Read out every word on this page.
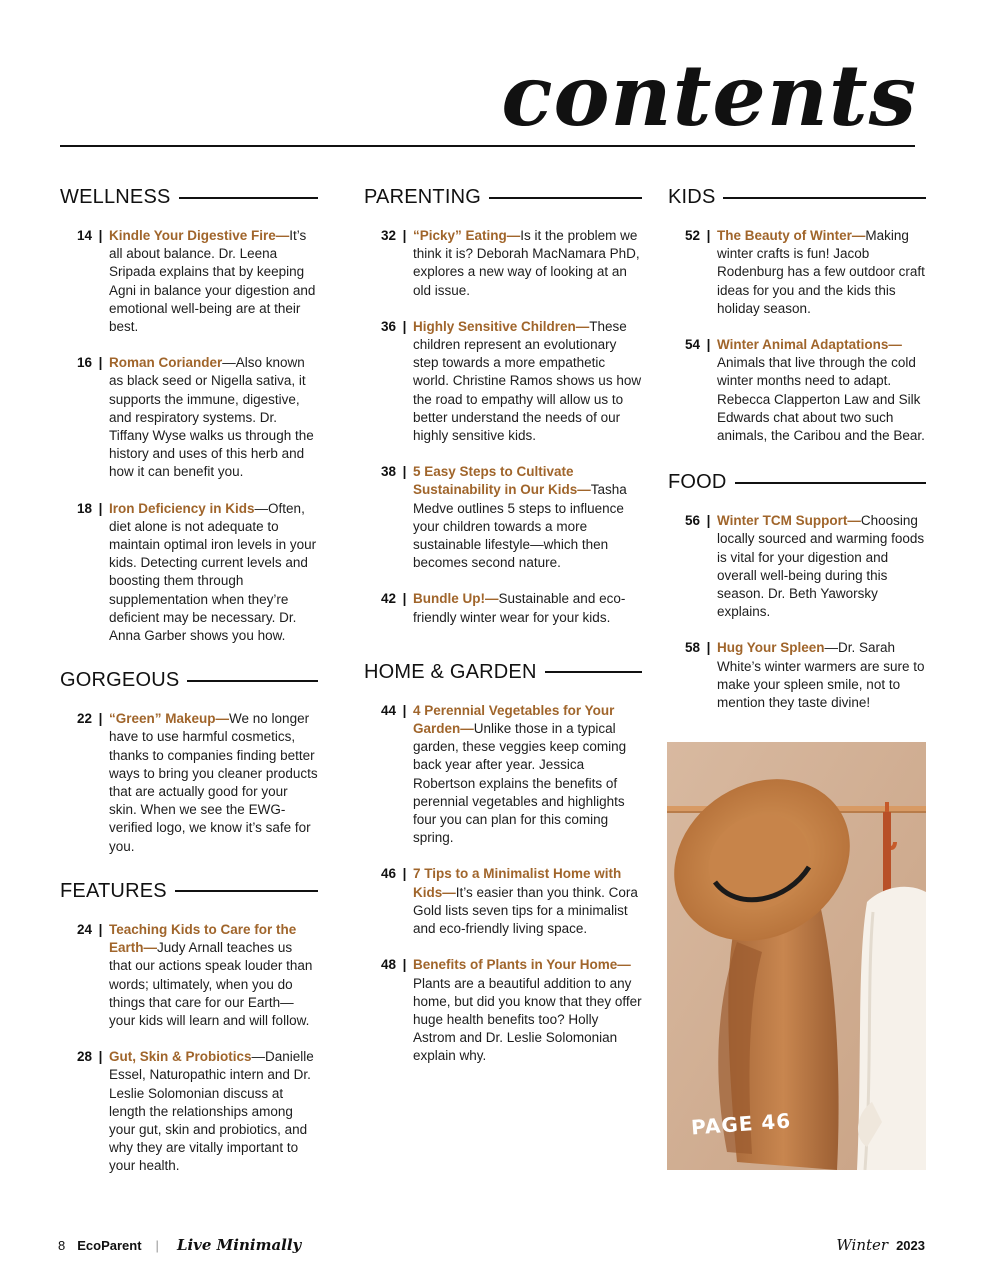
contents
WELLNESS
14 | Kindle Your Digestive Fire—It’s all about balance. Dr. Leena Sripada explains that by keeping Agni in balance your digestion and emotional well-being are at their best.
16 | Roman Coriander—Also known as black seed or Nigella sativa, it supports the immune, digestive, and respiratory systems. Dr. Tiffany Wyse walks us through the history and uses of this herb and how it can benefit you.
18 | Iron Deficiency in Kids—Often, diet alone is not adequate to maintain optimal iron levels in your kids. Detecting current levels and boosting them through supplementation when they’re deficient may be necessary. Dr. Anna Garber shows you how.
GORGEOUS
22 | “Green” Makeup—We no longer have to use harmful cosmetics, thanks to companies finding better ways to bring you cleaner products that are actually good for your skin. When we see the EWG-verified logo, we know it’s safe for you.
FEATURES
24 | Teaching Kids to Care for the Earth—Judy Arnall teaches us that our actions speak louder than words; ultimately, when you do things that care for our Earth—your kids will learn and will follow.
28 | Gut, Skin & Probiotics—Danielle Essel, Naturopathic intern and Dr. Leslie Solomonian discuss at length the relationships among your gut, skin and probiotics, and why they are vitally important to your health.
PARENTING
32 | “Picky” Eating—Is it the problem we think it is? Deborah MacNamara PhD, explores a new way of looking at an old issue.
36 | Highly Sensitive Children—These children represent an evolutionary step towards a more empathetic world. Christine Ramos shows us how the road to empathy will allow us to better understand the needs of our highly sensitive kids.
38 | 5 Easy Steps to Cultivate Sustainability in Our Kids—Tasha Medve outlines 5 steps to influence your children towards a more sustainable lifestyle—which then becomes second nature.
42 | Bundle Up!—Sustainable and eco-friendly winter wear for your kids.
HOME & GARDEN
44 | 4 Perennial Vegetables for Your Garden—Unlike those in a typical garden, these veggies keep coming back year after year. Jessica Robertson explains the benefits of perennial vegetables and highlights four you can plan for this coming spring.
46 | 7 Tips to a Minimalist Home with Kids—It’s easier than you think. Cora Gold lists seven tips for a minimalist and eco-friendly living space.
48 | Benefits of Plants in Your Home—Plants are a beautiful addition to any home, but did you know that they offer huge health benefits too? Holly Astrom and Dr. Leslie Solomonian explain why.
KIDS
52 | The Beauty of Winter—Making winter crafts is fun! Jacob Rodenburg has a few outdoor craft ideas for you and the kids this holiday season.
54 | Winter Animal Adaptations—Animals that live through the cold winter months need to adapt. Rebecca Clapperton Law and Silk Edwards chat about two such animals, the Caribou and the Bear.
FOOD
56 | Winter TCM Support—Choosing locally sourced and warming foods is vital for your digestion and overall well-being during this season. Dr. Beth Yaworsky explains.
58 | Hug Your Spleen—Dr. Sarah White’s winter warmers are sure to make your spleen smile, not to mention they taste divine!
PAGE 46
8 EcoParent | Live Minimally	Winter 2023
